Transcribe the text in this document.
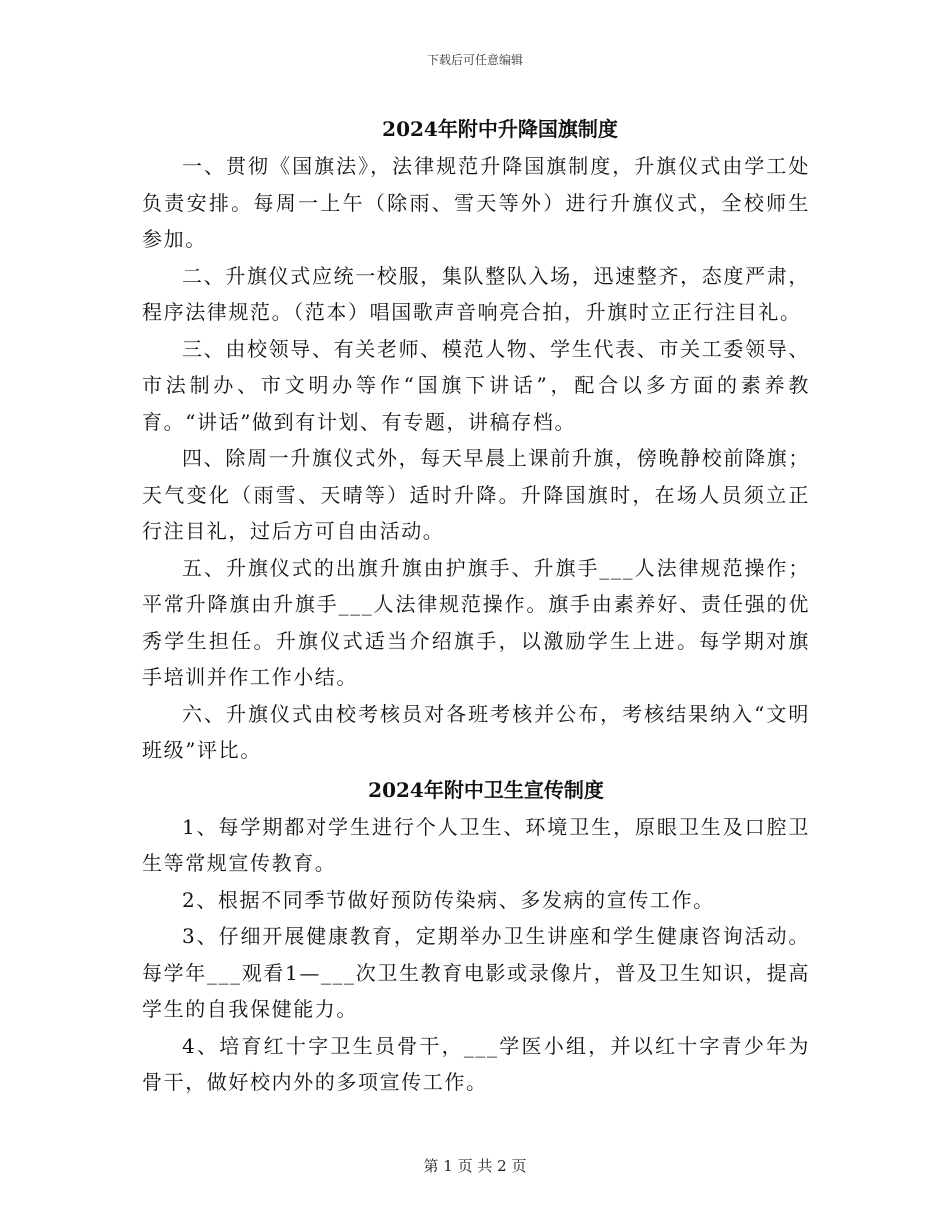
下载后可任意编辑
2024年附中升降国旗制度

一、贯彻《国旗法》，法律规范升降国旗制度，升旗仪式由学工处负责安排。每周一上午（除雨、雪天等外）进行升旗仪式，全校师生参加。

二、升旗仪式应统一校服，集队整队入场，迅速整齐，态度严肃，程序法律规范。（范本）唱国歌声音响亮合拍，升旗时立正行注目礼。

三、由校领导、有关老师、模范人物、学生代表、市关工委领导、市法制办、市文明办等作“国旗下讲话”，配合以多方面的素养教育。“讲话”做到有计划、有专题，讲稿存档。

四、除周一升旗仪式外，每天早晨上课前升旗，傍晚静校前降旗；天气变化（雨雪、天晴等）适时升降。升降国旗时，在场人员须立正行注目礼，过后方可自由活动。

五、升旗仪式的出旗升旗由护旗手、升旗手___人法律规范操作；平常升降旗由升旗手___人法律规范操作。旗手由素养好、责任强的优秀学生担任。升旗仪式适当介绍旗手，以激励学生上进。每学期对旗手培训并作工作小结。

六、升旗仪式由校考核员对各班考核并公布，考核结果纳入“文明班级”评比。

2024年附中卫生宣传制度

1、每学期都对学生进行个人卫生、环境卫生，原眼卫生及口腔卫生等常规宣传教育。

2、根据不同季节做好预防传染病、多发病的宣传工作。

3、仔细开展健康教育，定期举办卫生讲座和学生健康咨询活动。每学年___观看1—___次卫生教育电影或录像片，普及卫生知识，提高学生的自我保健能力。

4、培育红十字卫生员骨干，___学医小组，并以红十字青少年为骨干，做好校内外的多项宣传工作。

第 1 页 共 2 页
